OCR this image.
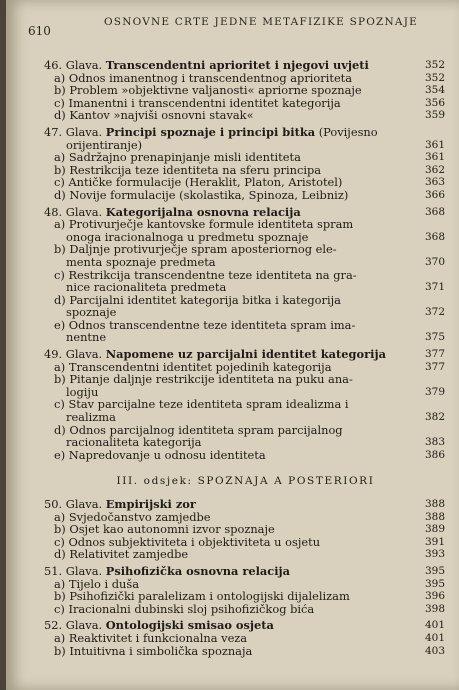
610
OSNOVNE CRTE JEDNE METAFIZIKE SPOZNAJE
46. Glava. Transcendentni aprioritet i njegovi uvjeti	352
a) Odnos imanentnog i transcendentnog aprioriteta	352
b) Problem »objektivne valjanosti« apriorne spoznaje	354
c) Imanentni i transcendentni identitet kategorija	356
d) Kantov »najviši osnovni stavak«	359
47. Glava. Principi spoznaje i principi bitka (Povijesno
orijentiranje)	361
a) Sadržajno prenapinjanje misli identiteta	361
b) Restrikcija teze identiteta na sferu principa	362
c) Antičke formulacije (Heraklit, Platon, Aristotel)	363
d) Novije formulacije (skolastika, Spinoza, Leibniz)	366
48. Glava. Kategorijalna osnovna relacija	368
a) Protivurječje kantovske formule identiteta spram
onoga iracionalnoga u predmetu spoznaje	368
b) Daljnje protivurječje spram aposteriornog ele-
menta spoznaje predmeta	370
c) Restrikcija transcendentne teze identiteta na gra-
nice racionaliteta predmeta	371
d) Parcijalni identitet kategorija bitka i kategorija
spoznaje	372
e) Odnos transcendentne teze identiteta spram ima-
nentne	375
49. Glava. Napomene uz parcijalni identitet kategorija	377
a) Transcendentni identitet pojedinih kategorija	377
b) Pitanje daljnje restrikcije identiteta na puku ana-
logiju	379
c) Stav parcijalne teze identiteta spram idealizma i
realizma	382
d) Odnos parcijalnog identiteta spram parcijalnog
racionaliteta kategorija	383
e) Napredovanje u odnosu identiteta	386
III. odsjek: SPOZNAJA A POSTERIORI
50. Glava. Empirijski zor	388
a) Svjedočanstvo zamjedbe	388
b) Osjet kao autonomni izvor spoznaje	389
c) Odnos subjektiviteta i objektiviteta u osjetu	391
d) Relativitet zamjedbe	393
51. Glava. Psihofizička osnovna relacija	395
a) Tijelo i duša	395
b) Psihofizički paralelizam i ontologijski dijalelizam	396
c) Iracionalni dubinski sloj psihofizičkog bića	398
52. Glava. Ontologijski smisao osjeta	401
a) Reaktivitet i funkcionalna veza	401
b) Intuitivna i simbolička spoznaja	403
